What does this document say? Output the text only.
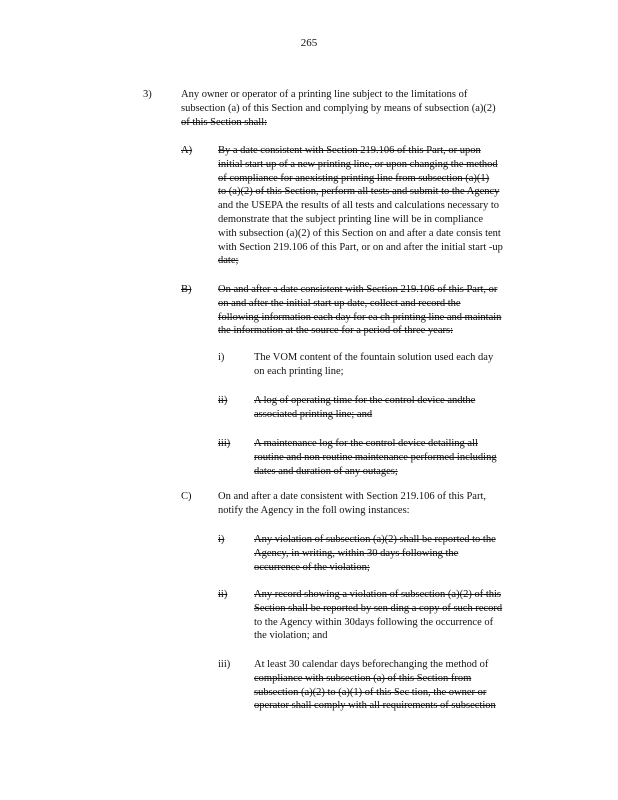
265
3)	Any owner or operator of a printing line subject to the limitations of
subsection (a) of this Section and complying by means of subsection (a)(2)
of this Section shall:
A) By a date consistent with Section 219.106 of this Part, or upon
initial start up of a new printing line, or upon changing the method
of compliance for anexisting printing line from subsection (a)(1)
to (a)(2) of this Section, perform all tests and submit to the Agency
and the USEPA the results of all tests and calculations necessary to
demonstrate that the subject printing line will be in compliance
with subsection (a)(2) of this Section on and after a date consis tent
with Section 219.106 of this Part, or on and after the initial start -up
date;
B)	On and after a date consistent with Section 219.106 of this Part, or
on and after the initial start up date, collect and record the
following information each day for ea ch printing line and maintain
the information at the source for a period of three years:
i)	The VOM content of the fountain solution used each day
on each printing line;
ii)	A log of operating time for the control device andthe
associated printing line; and
iii) A maintenance log for the control device detailing all
routine and non routine maintenance performed including
dates and duration of any outages;
C)	On and after a date consistent with Section 219.106 of this Part,
notify the Agency in the foll owing instances:
i)	Any violation of subsection (a)(2) shall be reported to the
Agency, in writing, within 30 days following the
occurrence of the violation;
ii)	Any record showing a violation of subsection (a)(2) of this
Section shall be reported by sen ding a copy of such record
to the Agency within 30days following the occurrence of
the violation; and
iii) At least 30 calendar days beforechanging the method of
compliance with subsection (a) of this Section from
subsection (a)(2) to (a)(1) of this Sec tion, the owner or
operator shall comply with all requirements of subsection
